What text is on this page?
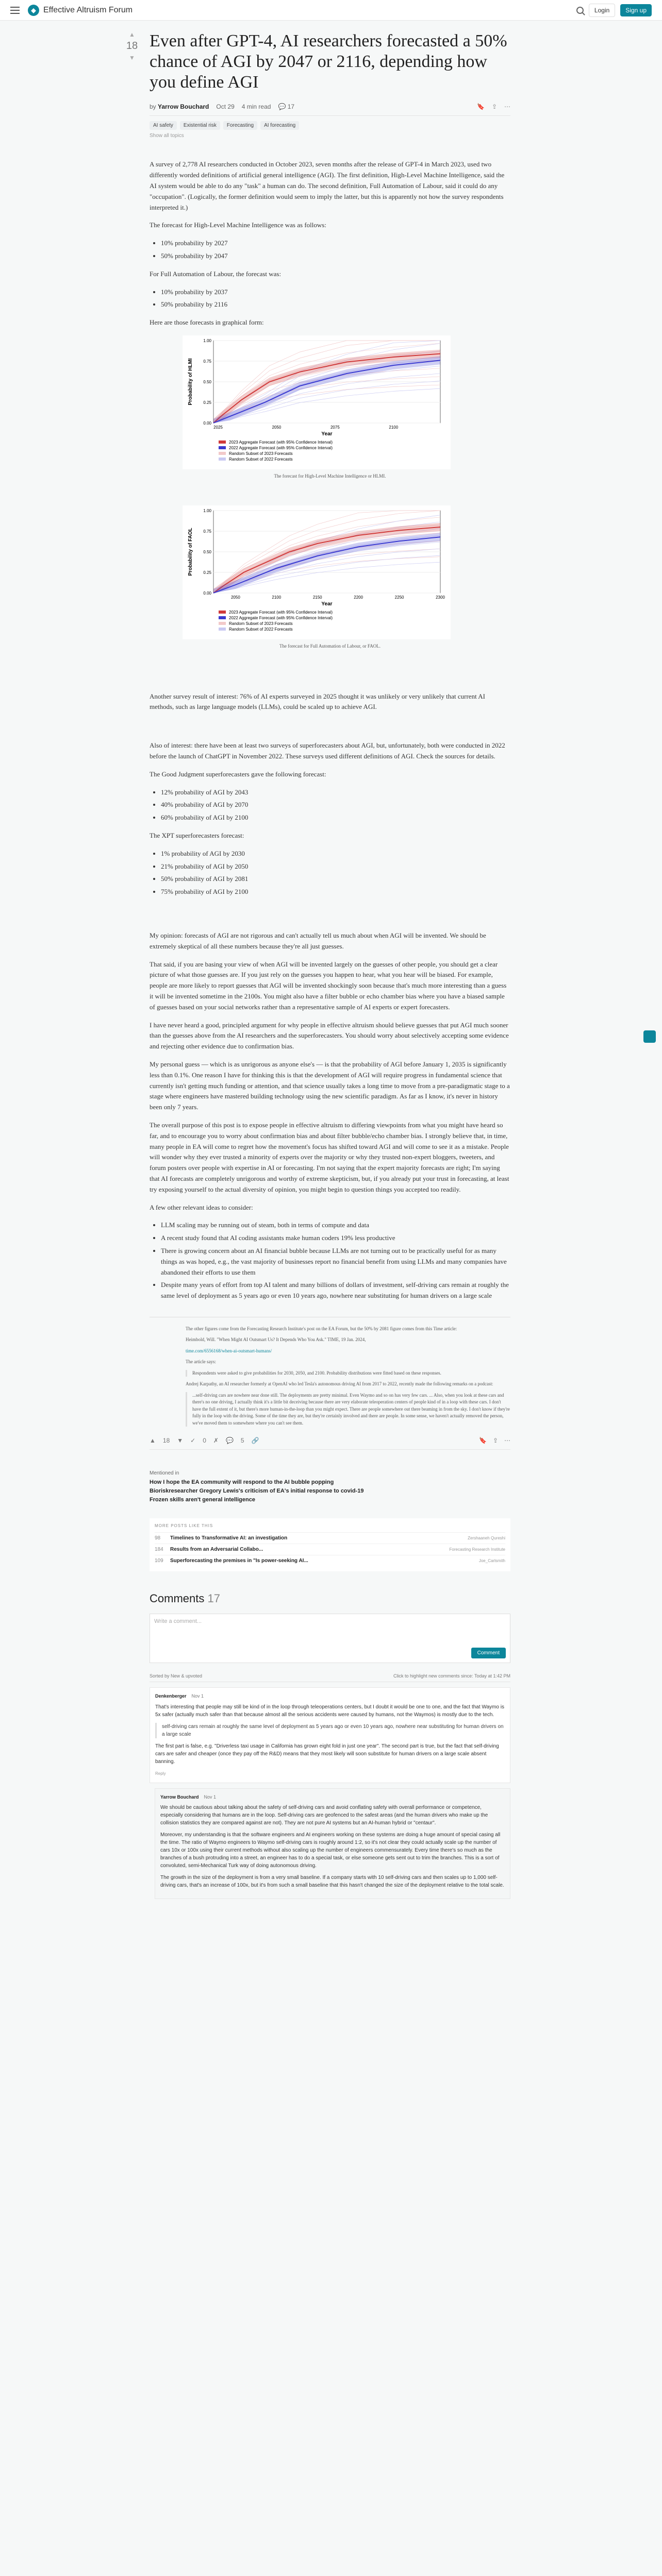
◆ Effective Altruism Forum	Login	Sign up
▲
18
▼
Even after GPT-4, AI researchers forecasted a 50% chance of AGI by 2047 or 2116, depending how you define AGI
by Yarrow Bouchard Oct 29 4 min read 💬 17	🔖 ⇪ ⋯
AI safety	Existential risk	Forecasting	AI forecasting
Show all topics

A survey of 2,778 AI researchers conducted in October 2023, seven months after the release of GPT-4 in March 2023, used two differently worded definitions of artificial general intelligence (AGI). The first definition, High-Level Machine Intelligence, said the AI system would be able to do any "task" a human can do. The second definition, Full Automation of Labour, said it could do any "occupation". (Logically, the former definition would seem to imply the latter, but this is apparently not how the survey respondents interpreted it.)

The forecast for High-Level Machine Intelligence was as follows:

• 10% probability by 2027
• 50% probability by 2047

For Full Automation of Labour, the forecast was:

• 10% probability by 2037
• 50% probability by 2116

Here are those forecasts in graphical form:

0.00
0.25
0.50
0.75
1.00
2025	2050	2075	2100
Year
Probability of HLMI
2023 Aggregate Forecast (with 95% Confidence Interval)
2022 Aggregate Forecast (with 95% Confidence Interval)
Random Subset of 2023 Forecasts
Random Subset of 2022 Forecasts
The forecast for High-Level Machine Intelligence or HLMI.
0.00
0.25
0.50
0.75
1.00
2050	2100	2150	2200	2250	2300
Year
Probability of FAOL
2023 Aggregate Forecast (with 95% Confidence Interval)
2022 Aggregate Forecast (with 95% Confidence Interval)
Random Subset of 2023 Forecasts
Random Subset of 2022 Forecasts
The forecast for Full Automation of Labour, or FAOL.

Another survey result of interest: 76% of AI experts surveyed in 2025 thought it was unlikely or very unlikely that current AI methods, such as large language models (LLMs), could be scaled up to achieve AGI.

Also of interest: there have been at least two surveys of superforecasters about AGI, but, unfortunately, both were conducted in 2022 before the launch of ChatGPT in November 2022. These surveys used different definitions of AGI. Check the sources for details.

The Good Judgment superforecasters gave the following forecast:

• 12% probability of AGI by 2043
• 40% probability of AGI by 2070
• 60% probability of AGI by 2100

The XPT superforecasters forecast:

• 1% probability of AGI by 2030
• 21% probability of AGI by 2050
• 50% probability of AGI by 2081
• 75% probability of AGI by 2100

My opinion: forecasts of AGI are not rigorous and can't actually tell us much about when AGI will be invented. We should be extremely skeptical of all these numbers because they're all just guesses.

That said, if you are basing your view of when AGI will be invented largely on the guesses of other people, you should get a clear picture of what those guesses are. If you just rely on the guesses you happen to hear, what you hear will be biased. For example, people are more likely to report guesses that AGI will be invented shockingly soon because that's much more interesting than a guess it will be invented sometime in the 2100s. You might also have a filter bubble or echo chamber bias where you have a biased sample of guesses based on your social networks rather than a representative sample of AI experts or expert forecasters.

I have never heard a good, principled argument for why people in effective altruism should believe guesses that put AGI much sooner than the guesses above from the AI researchers and the superforecasters. You should worry about selectively accepting some evidence and rejecting other evidence due to confirmation bias.

My personal guess — which is as unrigorous as anyone else's — is that the probability of AGI before January 1, 2035 is significantly less than 0.1%. One reason I have for thinking this is that the development of AGI will require progress in fundamental science that currently isn't getting much funding or attention, and that science usually takes a long time to move from a pre-paradigmatic stage to a stage where engineers have mastered building technology using the new scientific paradigm. As far as I know, it's never in history been only 7 years.

The overall purpose of this post is to expose people in effective altruism to differing viewpoints from what you might have heard so far, and to encourage you to worry about confirmation bias and about filter bubble/echo chamber bias. I strongly believe that, in time, many people in EA will come to regret how the movement's focus has shifted toward AGI and will come to see it as a mistake. People will wonder why they ever trusted a minority of experts over the majority or why they trusted non-expert bloggers, tweeters, and forum posters over people with expertise in AI or forecasting. I'm not saying that the expert majority forecasts are right; I'm saying that AI forecasts are completely unrigorous and worthy of extreme skepticism, but, if you already put your trust in forecasting, at least try exposing yourself to the actual diversity of opinion, you might begin to question things you accepted too readily.

A few other relevant ideas to consider:

• LLM scaling may be running out of steam, both in terms of compute and data
• A recent study found that AI coding assistants make human coders 19% less productive
• There is growing concern about an AI financial bubble because LLMs are not turning out to be practically useful for as many things as was hoped, e.g., the vast majority of businesses report no financial benefit from using LLMs and many companies have abandoned their efforts to use them
• Despite many years of effort from top AI talent and many billions of dollars of investment, self-driving cars remain at roughly the same level of deployment as 5 years ago or even 10 years ago, nowhere near substituting for human drivers on a large scale

The other figures come from the Forecasting Research Institute's post on the EA Forum, but the 50% by 2081 figure comes from this Time article:

Heimbold, Will. "When Might AI Outsmart Us? It Depends Who You Ask." TIME, 19 Jan. 2024,

time.com/6556168/when-ai-outsmart-humans/

The article says:

Respondents were asked to give probabilities for 2030, 2050, and 2100. Probability distributions were fitted based on these responses.

Andrej Karpathy, an AI researcher formerly at OpenAI who led Tesla's autonomous driving AI from 2017 to 2022, recently made the following remarks on a podcast:

...self-driving cars are nowhere near done still. The deployments are pretty minimal. Even Waymo and so on has very few cars. ... Also, when you look at these cars and there's no one driving, I actually think it's a little bit deceiving because there are very elaborate teleoperation centers of people kind of in a loop with these cars. I don't have the full extent of it, but there's more human-in-the-loop than you might expect. There are people somewhere out there beaming in from the sky. I don't know if they're fully in the loop with the driving. Some of the time they are, but they're certainly involved and there are people. In some sense, we haven't actually removed the person, we've moved them to somewhere where you can't see them.
▲ 18 ▼ ✓ 0 ✗ 💬 5 🔗	🔖 ⇪ ⋯
Mentioned in
How I hope the EA community will respond to the AI bubble popping
Bioriskresearcher Gregory Lewis's criticism of EA's initial response to covid-19
Frozen skills aren't general intelligence
MORE POSTS LIKE THIS
98	Timelines to Transformative AI: an investigation	Zershaaneh Qureshi
184	Results from an Adversarial Collabo...	Forecasting Research Institute
109	Superforecasting the premises in "Is power-seeking AI...	Joe_Carlsmith
Comments 17
Write a comment...
Comment
Sorted by New & upvoted	Click to highlight new comments since: Today at 1:42 PM
Denkenberger Nov 1

That's interesting that people may still be kind of in the loop through teleoperations centers, but I doubt it would be one to one, and the fact that Waymo is 5x safer (actually much safer than that because almost all the serious accidents were caused by humans, not the Waymos) is mostly due to the tech.

self-driving cars remain at roughly the same level of deployment as 5 years ago or even 10 years ago, nowhere near substituting for human drivers on a large scale

The first part is false, e.g. "Driverless taxi usage in California has grown eight fold in just one year". The second part is true, but the fact that self-driving cars are safer and cheaper (once they pay off the R&D) means that they most likely will soon substitute for human drivers on a large scale absent banning.

Reply
Yarrow Bouchard Nov 1

We should be cautious about talking about the safety of self-driving cars and avoid conflating safety with overall performance or competence, especially considering that humans are in the loop. Self-driving cars are geofenced to the safest areas (and the human drivers who make up the collision statistics they are compared against are not). They are not pure AI systems but an AI-human hybrid or "centaur".

Moreover, my understanding is that the software engineers and AI engineers working on these systems are doing a huge amount of special casing all the time. The ratio of Waymo engineers to Waymo self-driving cars is roughly around 1:2, so it's not clear they could actually scale up the number of cars 10x or 100x using their current methods without also scaling up the number of engineers commensurately. Every time there's so much as the branches of a bush protruding into a street, an engineer has to do a special task, or else someone gets sent out to trim the branches. This is a sort of convoluted, semi-Mechanical Turk way of doing autonomous driving.

The growth in the size of the deployment is from a very small baseline. If a company starts with 10 self-driving cars and then scales up to 1,000 self-driving cars, that's an increase of 100x, but it's from such a small baseline that this hasn't changed the size of the deployment relative to the total scale.
